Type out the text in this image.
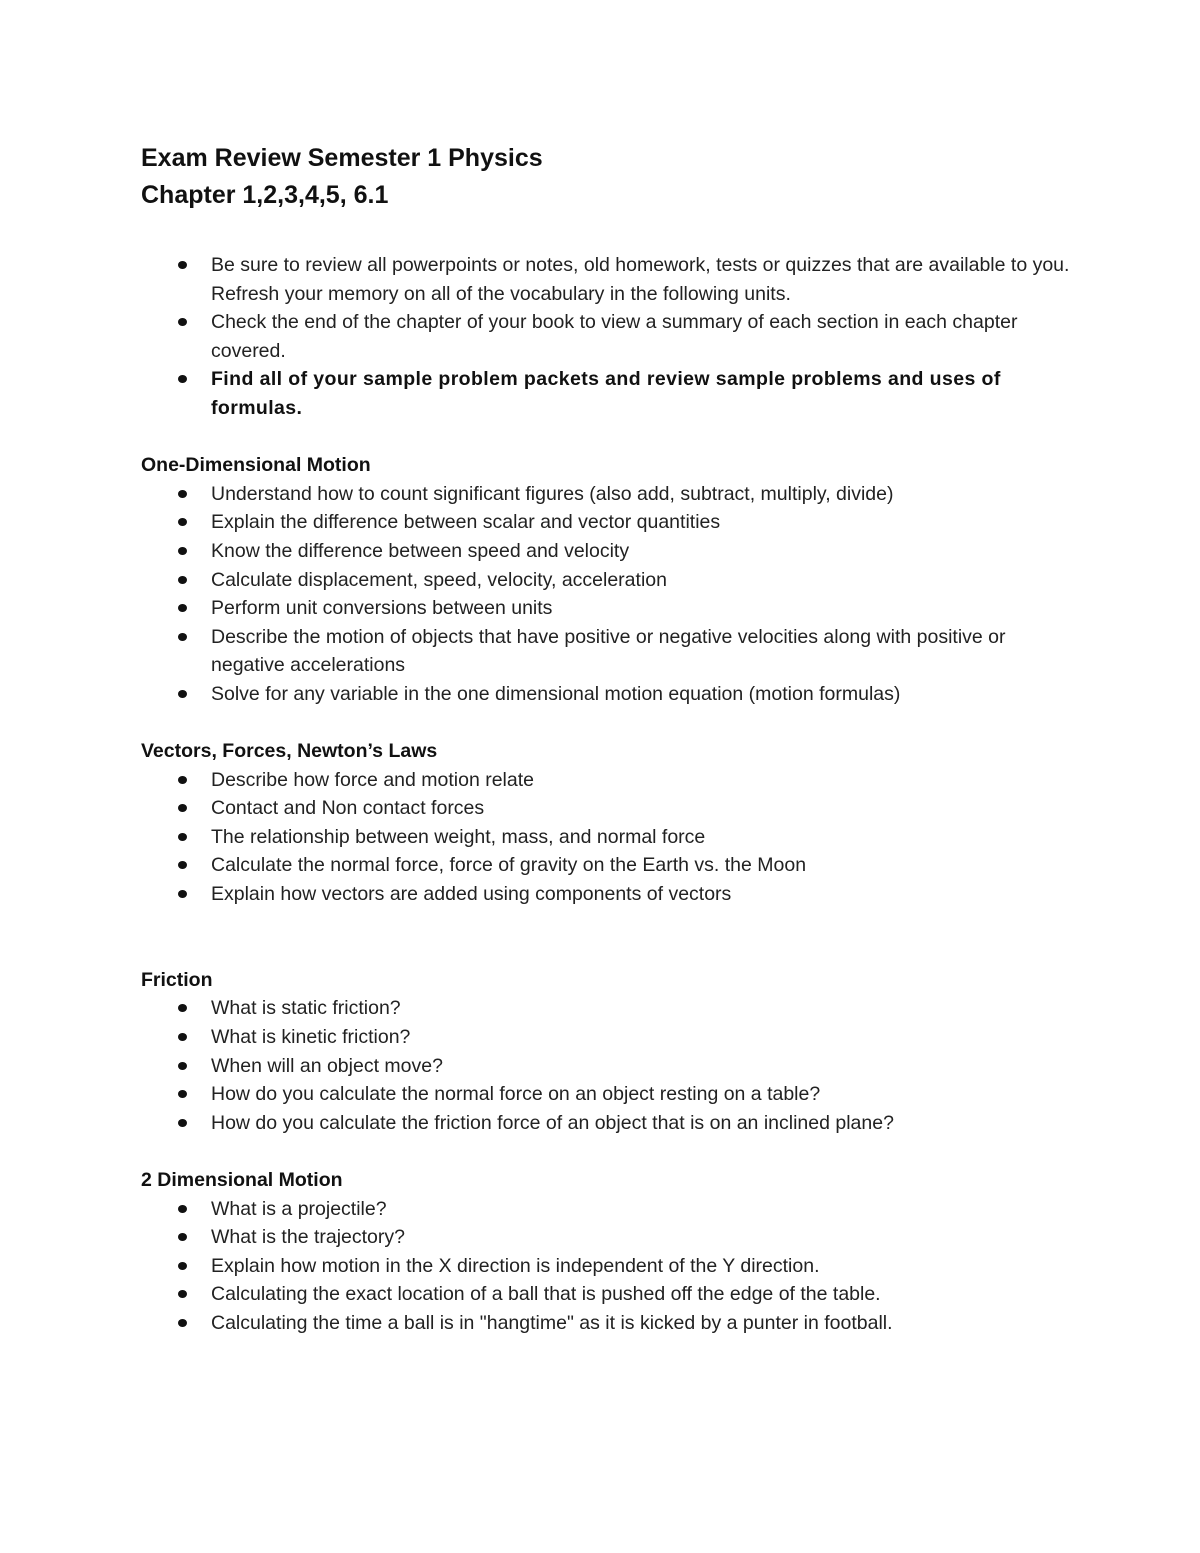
Exam Review Semester 1 Physics
Chapter 1,2,3,4,5, 6.1
Be sure to review all powerpoints or notes, old homework, tests or quizzes that are available to you. Refresh your memory on all of the vocabulary in the following units.
Check the end of the chapter of your book to view a summary of each section in each chapter covered.
Find all of your sample problem packets and review sample problems and uses of formulas.
One-Dimensional Motion
Understand how to count significant figures (also add, subtract, multiply, divide)
Explain the difference between scalar and vector quantities
Know the difference between speed and velocity
Calculate displacement, speed, velocity, acceleration
Perform unit conversions between units
Describe the motion of objects that have positive or negative velocities along with positive or negative accelerations
Solve for any variable in the one dimensional motion equation (motion formulas)
Vectors, Forces, Newton’s Laws
Describe how force and motion relate
Contact and Non contact forces
The relationship between weight, mass, and normal force
Calculate the normal force, force of gravity on the Earth vs. the Moon
Explain how vectors are added using components of vectors
Friction
What is static friction?
What is kinetic friction?
When will an object move?
How do you calculate the normal force on an object resting on a table?
How do you calculate the friction force of an object that is on an inclined plane?
2 Dimensional Motion
What is a projectile?
What is the trajectory?
Explain how motion in the X direction is independent of the Y direction.
Calculating the exact location of a ball that is pushed off the edge of the table.
Calculating the time a ball is in "hangtime" as it is kicked by a punter in football.
